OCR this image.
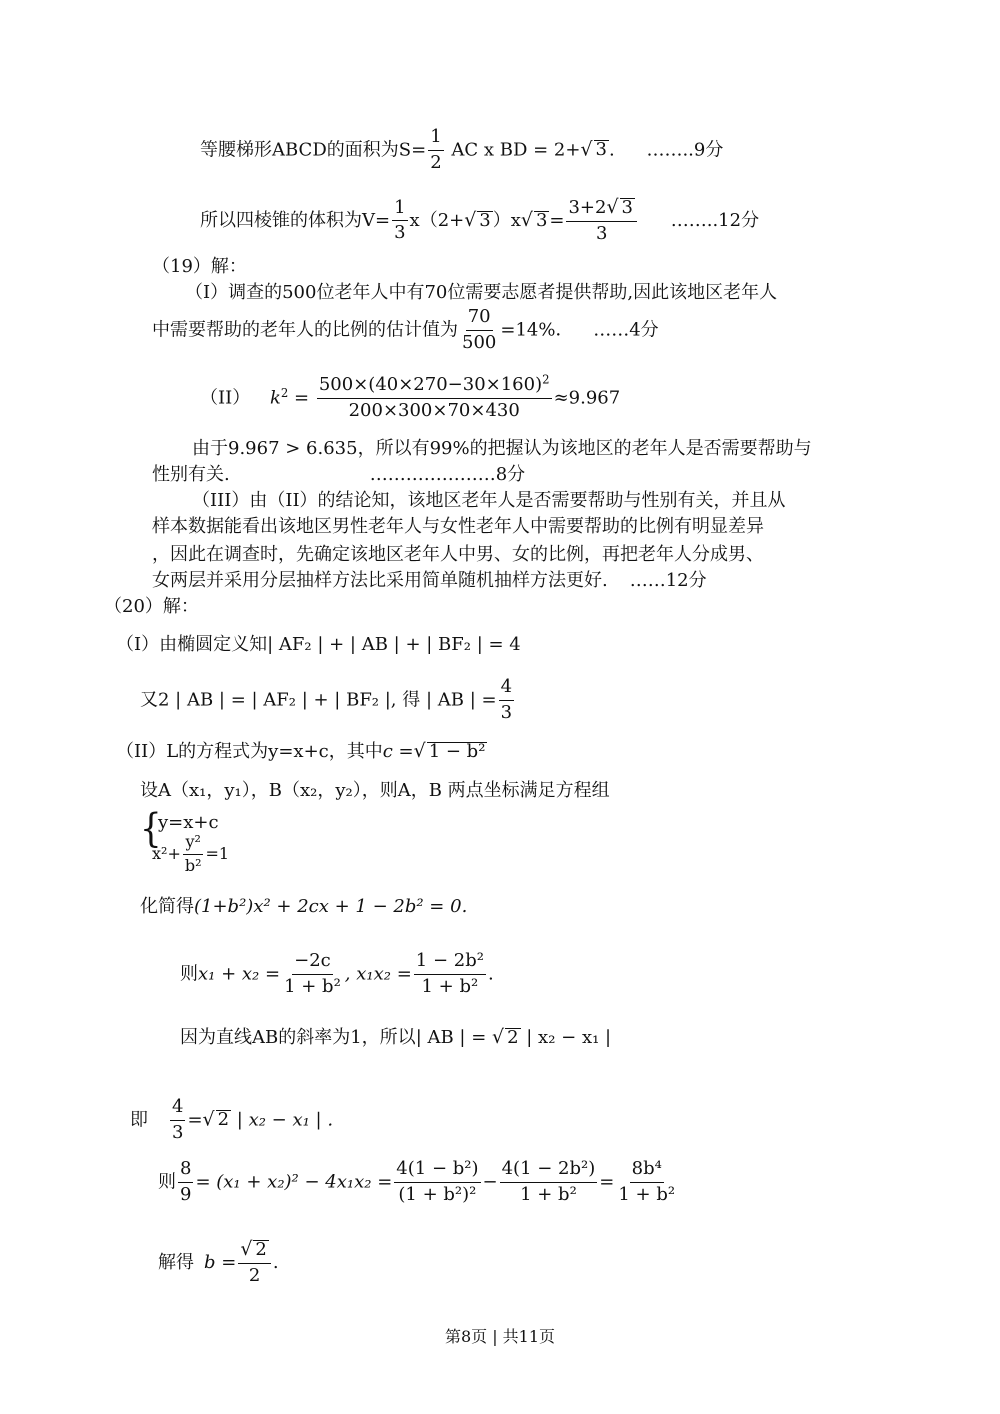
等腰梯形ABCD的面积为$S= \frac{1}{2}$ AC x BD = 2+√ 3 . ……..9分
所以四棱锥的体积为$V= \frac{1}{3} x(2+√$ 3 ）x√ $3 = \frac{3+2√ 3}{3}$ ……..12分
（19）解：
（I）调查的500位老年人中有70位需要志愿者提供帮助,因此该地区老年人
中需要帮助的老年人的比例的估计值为 $\frac{70}{500} =14\%$． ……4分
（II） $k^2 = \frac{500\times(40\times 270-30\times 160)^2}{200\times 300\times 70\times 430} \approx 9.967$
由于9.967 > 6.635，所以有99%的把握认为该地区的老年人是否需要帮助与
性别有关.	…………………8分
（III）由（II）的结论知，该地区老年人是否需要帮助与性别有关，并且从
样本数据能看出该地区男性老年人与女性老年人中需要帮助的比例有明显差异
，因此在调查时，先确定该地区老年人中男、女的比例，再把老年人分成男、
女两层并采用分层抽样方法比采用简单随机抽样方法更好. ……12分
（20）解：
（I）由椭圆定义知| AF₂ | + | AB | + | BF₂ | = 4
又2 | AB | = | AF₂ | + | BF₂ |, 得 | AB | = $\frac{4}{3}$
（II）L的方程式为y=x+c，其中c =√ 1 − b²
设A（x₁，y₁），B（x₂，y₂），则A，B 两点坐标满足方程组
{
y=x+c
$x^2+ \frac{\text{y²}}{\text{b²}} =1$
化简得(1+b²)x² + 2cx + 1 − 2b² = 0.
则$x_1 + x_2 = \frac{-2c}{\text{1 + b²}}$ , $x_1x_2 = \frac{\text{1 − 2b²}}{\text{1 + b²}}$ .
因为直线AB的斜率为1，所以| AB | = √ 2 | x₂ − x₁ |
即 $\frac{4}{3}$ =√ 2 | x₂ − x₁ | .
则 $\frac{8}{9} = (x_1 + x_2)^2 - 4x_1x_2 = \frac{\text{4(1 − b²)}}{\text{(1 + b²)²}} - \frac{\text{4(1 − 2b²)}}{\text{1 + b²}} = \frac{\text{8b⁴}}{\text{1 + b²}}$
解得 $b = \frac{√ 2}{2}$ .
第8页 | 共11页
